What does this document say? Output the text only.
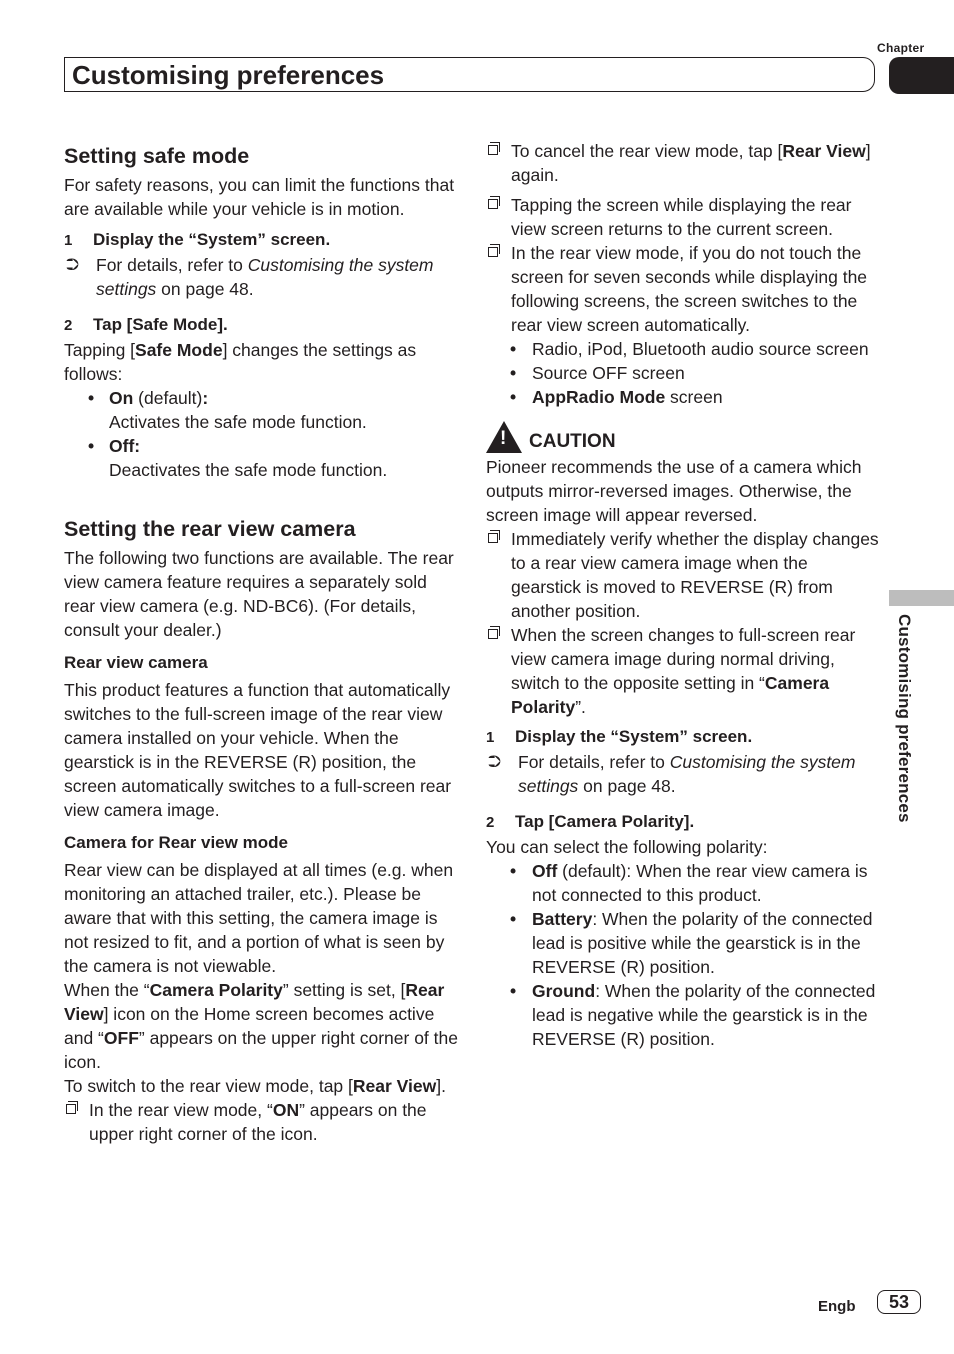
Chapter
Customising preferences
Customising preferences
Setting safe mode

For safety reasons, you can limit the functions that are available while your vehicle is in motion.

1 Display the “System” screen.

⮊ For details, refer to Customising the system settings on page 48.

2 Tap [Safe Mode].

Tapping [Safe Mode] changes the settings as follows:

• On (default):

Activates the safe mode function.

• Off:

Deactivates the safe mode function.

Setting the rear view camera

The following two functions are available. The rear view camera feature requires a separately sold rear view camera (e.g. ND-BC6). (For details, consult your dealer.)

Rear view camera

This product features a function that automatically switches to the full-screen image of the rear view camera installed on your vehicle. When the gearstick is in the REVERSE (R) position, the screen automatically switches to a full-screen rear view camera image.

Camera for Rear view mode

Rear view can be displayed at all times (e.g. when monitoring an attached trailer, etc.). Please be aware that with this setting, the camera image is not resized to fit, and a portion of what is seen by the camera is not viewable.

When the “Camera Polarity” setting is set, [Rear View] icon on the Home screen becomes active and “OFF” appears on the upper right corner of the icon.

To switch to the rear view mode, tap [Rear View].

In the rear view mode, “ON” appears on the upper right corner of the icon.

To cancel the rear view mode, tap [Rear View] again.

Tapping the screen while displaying the rear view screen returns to the current screen.

In the rear view mode, if you do not touch the screen for seven seconds while displaying the following screens, the screen switches to the rear view screen automatically.

• Radio, iPod, Bluetooth audio source screen

• Source OFF screen

• AppRadio Mode screen

! CAUTION

Pioneer recommends the use of a camera which outputs mirror-reversed images. Otherwise, the screen image will appear reversed.

Immediately verify whether the display changes to a rear view camera image when the gearstick is moved to REVERSE (R) from another position.

When the screen changes to full-screen rear view camera image during normal driving, switch to the opposite setting in “Camera Polarity”.

1 Display the “System” screen.

⮊ For details, refer to Customising the system settings on page 48.

2 Tap [Camera Polarity].

You can select the following polarity:

• Off (default): When the rear view camera is not connected to this product.

• Battery: When the polarity of the connected lead is positive while the gearstick is in the REVERSE (R) position.

• Ground: When the polarity of the connected lead is negative while the gearstick is in the REVERSE (R) position.

Engb	53
